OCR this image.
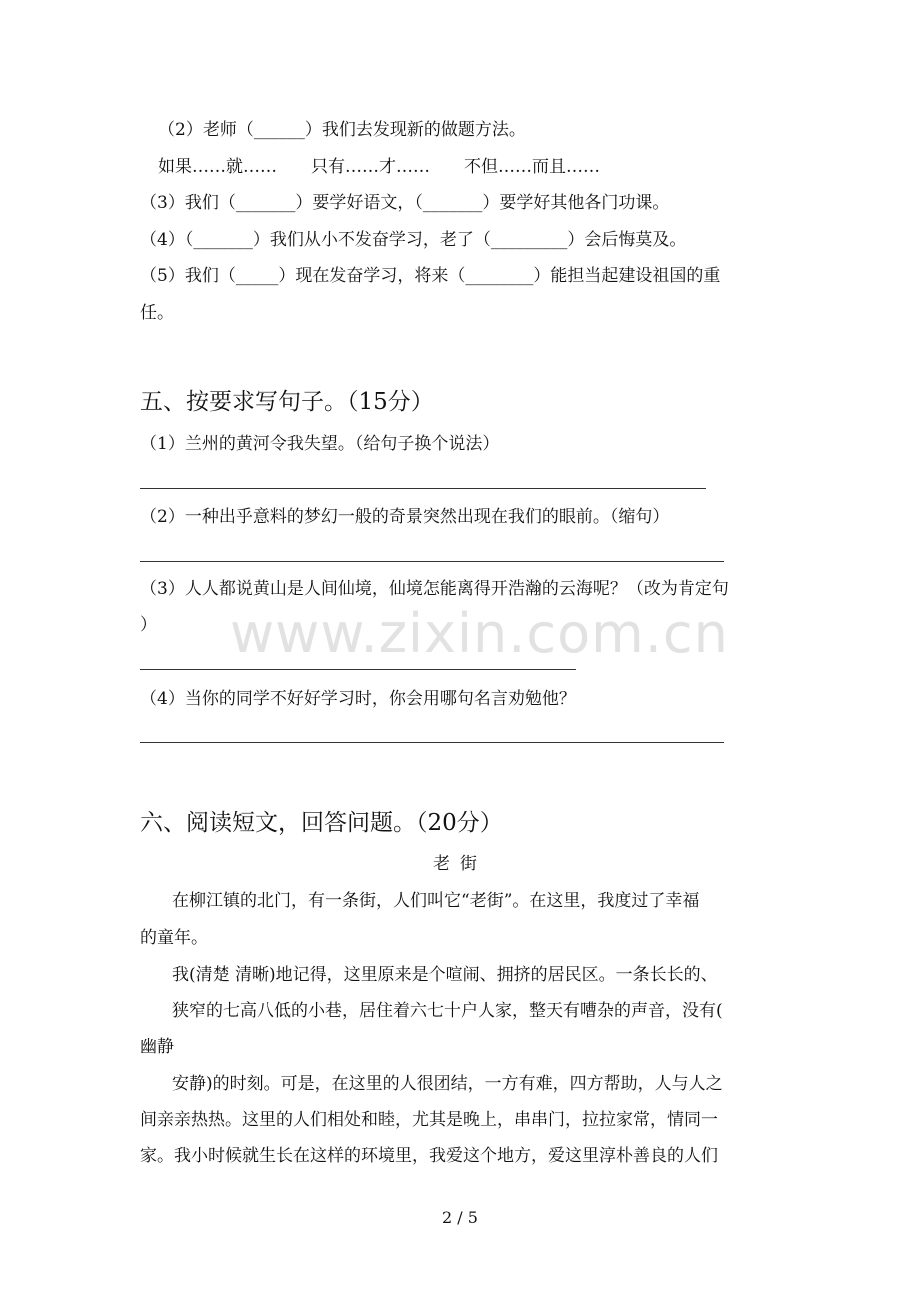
www.zixin.com.cn
（2）老师（______）我们去发现新的做题方法。
如果……就……　　只有……才……　　不但……而且……
（3）我们（_______）要学好语文，（_______）要学好其他各门功课。
（4）（_______）我们从小不发奋学习，老了（_________）会后悔莫及。
（5）我们（_____）现在发奋学习，将来（________）能担当起建设祖国的重
任。
五、按要求写句子。（15分）
（1）兰州的黄河令我失望。（给句子换个说法）
（2）一种出乎意料的梦幻一般的奇景突然出现在我们的眼前。（缩句）
（3）人人都说黄山是人间仙境，仙境怎能离得开浩瀚的云海呢？（改为肯定句
）
（4）当你的同学不好好学习时，你会用哪句名言劝勉他？
六、阅读短文，回答问题。（20分）
老街
在柳江镇的北门，有一条街，人们叫它“老街”。在这里，我度过了幸福
的童年。
我(清楚 清晰)地记得，这里原来是个喧闹、拥挤的居民区。一条长长的、
狭窄的七高八低的小巷，居住着六七十户人家，整天有嘈杂的声音，没有(
幽静
安静)的时刻。可是，在这里的人很团结，一方有难，四方帮助，人与人之
间亲亲热热。这里的人们相处和睦，尤其是晚上，串串门，拉拉家常，情同一
家。我小时候就生长在这样的环境里，我爱这个地方，爱这里淳朴善良的人们
2 / 5
